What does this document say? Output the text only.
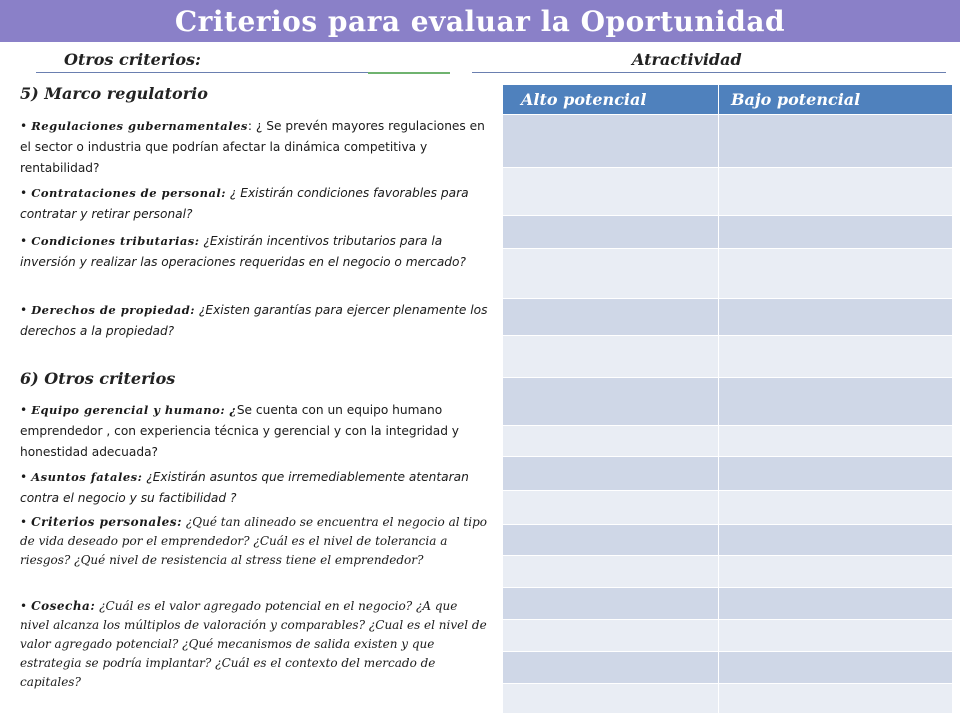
Criterios para evaluar la Oportunidad
Otros criterios:	Atractividad
5) Marco regulatorio
• Regulaciones gubernamentales: ¿ Se prevén mayores regulaciones en el sector o industria que podrían afectar la dinámica competitiva y rentabilidad?
• Contrataciones de personal: ¿ Existirán condiciones favorables para contratar y retirar personal?
• Condiciones tributarias: ¿Existirán incentivos tributarios para la inversión y realizar las operaciones requeridas en el negocio o mercado?
• Derechos de propiedad: ¿Existen garantías para ejercer plenamente los derechos a la propiedad?
6) Otros criterios
• Equipo gerencial y humano: ¿Se cuenta con un equipo humano emprendedor , con experiencia técnica y gerencial y con la integridad y honestidad adecuada?
• Asuntos fatales: ¿Existirán asuntos que irremediablemente atentaran contra el negocio y su factibilidad ?
• Criterios personales: ¿Qué tan alineado se encuentra el negocio al tipo de vida deseado por el emprendedor? ¿Cuál es el nivel de tolerancia a riesgos? ¿Qué nivel de resistencia al stress tiene el emprendedor?
• Cosecha: ¿Cuál es el valor agregado potencial en el negocio? ¿A que nivel alcanza los múltiplos de valoración y comparables? ¿Cual es el nivel de valor agregado potencial? ¿Qué mecanismos de salida existen y que estrategia se podría implantar? ¿Cuál es el contexto del mercado de capitales?
Alto potencial	Bajo potencial
